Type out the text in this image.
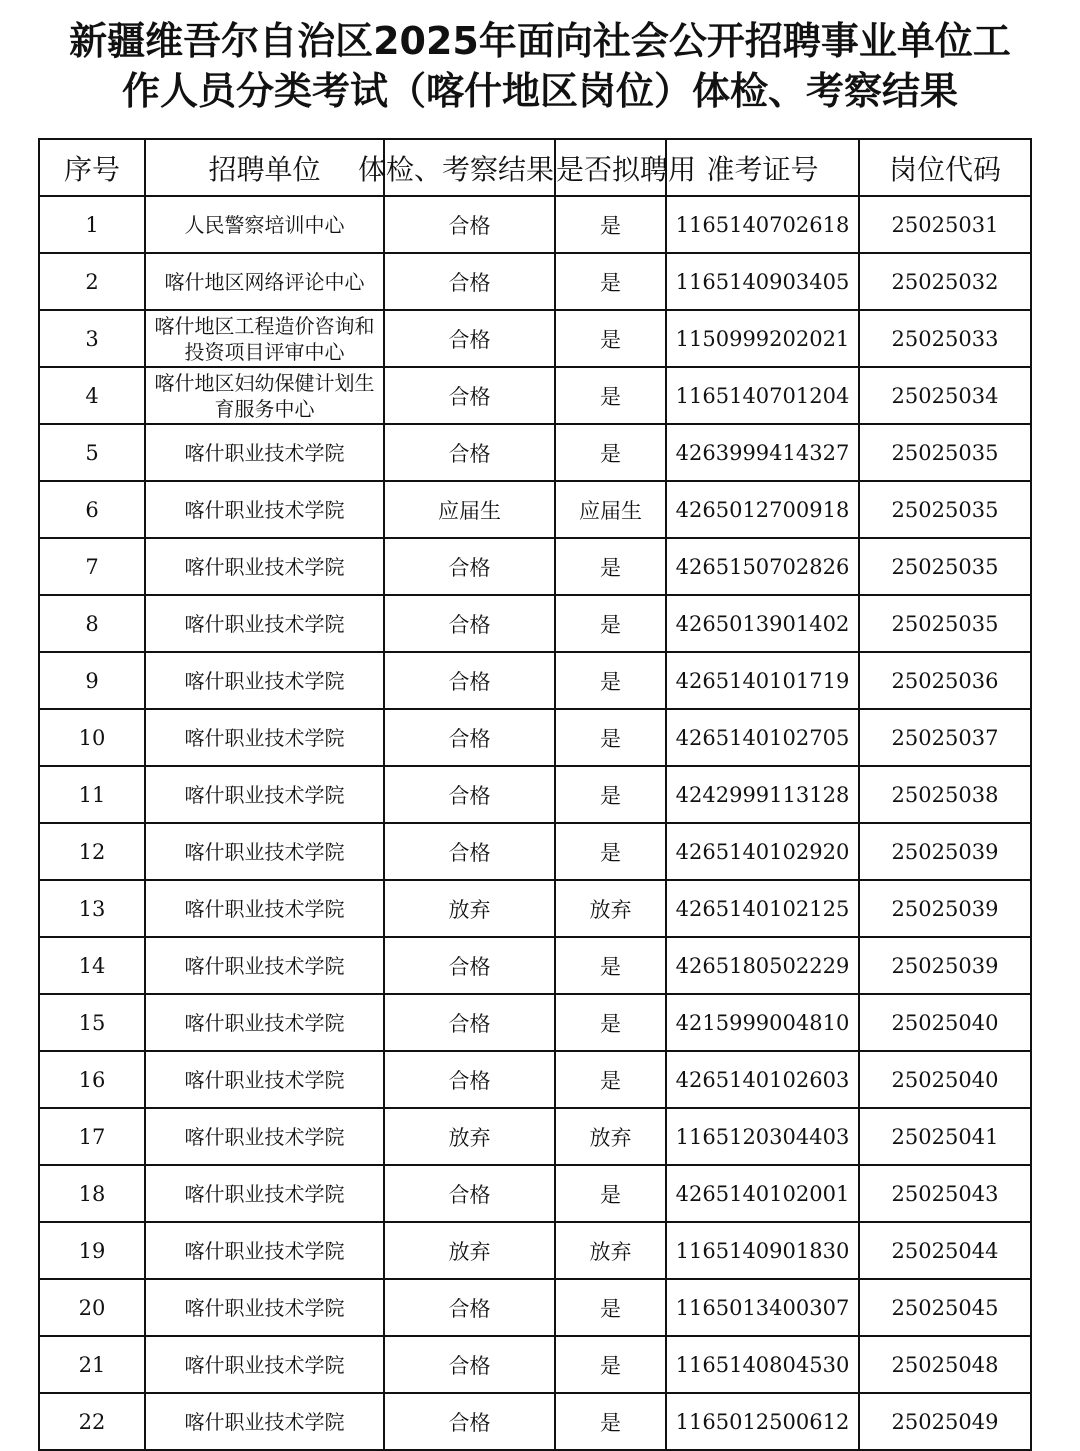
新疆维吾尔自治区2025年面向社会公开招聘事业单位工
作人员分类考试（喀什地区岗位）体检、考察结果
序号	招聘单位	体检、考察结果	是否拟聘用	准考证号	岗位代码

1	人民警察培训中心	合格	是	1165140702618	25025031
2	喀什地区网络评论中心	合格	是	1165140903405	25025032
3	喀什地区工程造价咨询和投资项目评审中心	合格	是	1150999202021	25025033
4	喀什地区妇幼保健计划生育服务中心	合格	是	1165140701204	25025034
5	喀什职业技术学院	合格	是	4263999414327	25025035
6	喀什职业技术学院	应届生	应届生	4265012700918	25025035
7	喀什职业技术学院	合格	是	4265150702826	25025035
8	喀什职业技术学院	合格	是	4265013901402	25025035
9	喀什职业技术学院	合格	是	4265140101719	25025036
10	喀什职业技术学院	合格	是	4265140102705	25025037
11	喀什职业技术学院	合格	是	4242999113128	25025038
12	喀什职业技术学院	合格	是	4265140102920	25025039
13	喀什职业技术学院	放弃	放弃	4265140102125	25025039
14	喀什职业技术学院	合格	是	4265180502229	25025039
15	喀什职业技术学院	合格	是	4215999004810	25025040
16	喀什职业技术学院	合格	是	4265140102603	25025040
17	喀什职业技术学院	放弃	放弃	1165120304403	25025041
18	喀什职业技术学院	合格	是	4265140102001	25025043
19	喀什职业技术学院	放弃	放弃	1165140901830	25025044
20	喀什职业技术学院	合格	是	1165013400307	25025045
21	喀什职业技术学院	合格	是	1165140804530	25025048
22	喀什职业技术学院	合格	是	1165012500612	25025049
